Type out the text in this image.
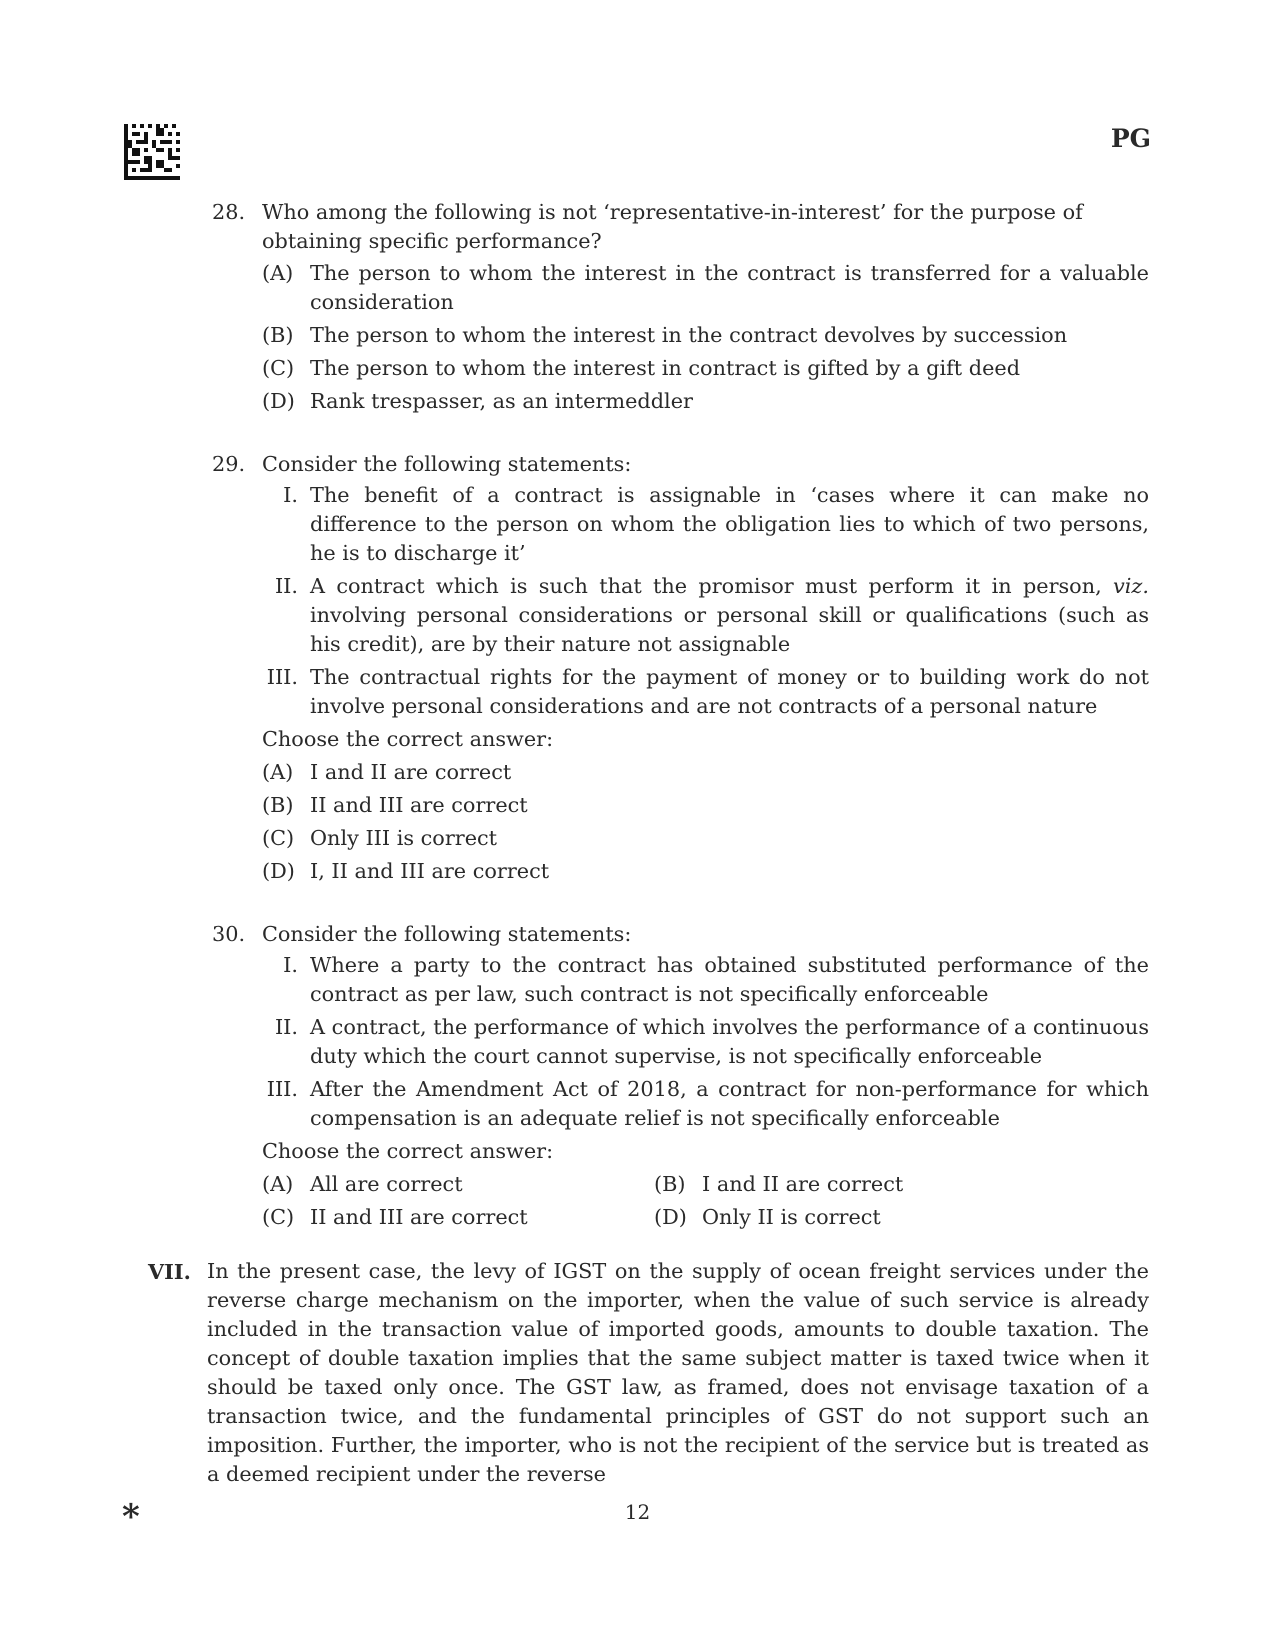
PG
28. Who among the following is not ‘representative-in-interest’ for the purpose of obtaining specific performance?
(A) The person to whom the interest in the contract is transferred for a valuable consideration
(B) The person to whom the interest in the contract devolves by succession
(C) The person to whom the interest in contract is gifted by a gift deed
(D) Rank trespasser, as an intermeddler
29. Consider the following statements:
I. The benefit of a contract is assignable in ‘cases where it can make no difference to the person on whom the obligation lies to which of two persons, he is to discharge it’
II. A contract which is such that the promisor must perform it in person, viz. involving personal considerations or personal skill or qualifications (such as his credit), are by their nature not assignable
III. The contractual rights for the payment of money or to building work do not involve personal considerations and are not contracts of a personal nature
Choose the correct answer:
(A) I and II are correct
(B) II and III are correct
(C) Only III is correct
(D) I, II and III are correct
30. Consider the following statements:
I. Where a party to the contract has obtained substituted performance of the contract as per law, such contract is not specifically enforceable
II. A contract, the performance of which involves the performance of a continuous duty which the court cannot supervise, is not specifically enforceable
III. After the Amendment Act of 2018, a contract for non-performance for which compensation is an adequate relief is not specifically enforceable
Choose the correct answer:
(A) All are correct	(B) I and II are correct
(C) II and III are correct	(D) Only II is correct
VII. In the present case, the levy of IGST on the supply of ocean freight services under the reverse charge mechanism on the importer, when the value of such service is already included in the transaction value of imported goods, amounts to double taxation. The concept of double taxation implies that the same subject matter is taxed twice when it should be taxed only once. The GST law, as framed, does not envisage taxation of a transaction twice, and the fundamental principles of GST do not support such an imposition. Further, the importer, who is not the recipient of the service but is treated as a deemed recipient under the reverse
*	12
